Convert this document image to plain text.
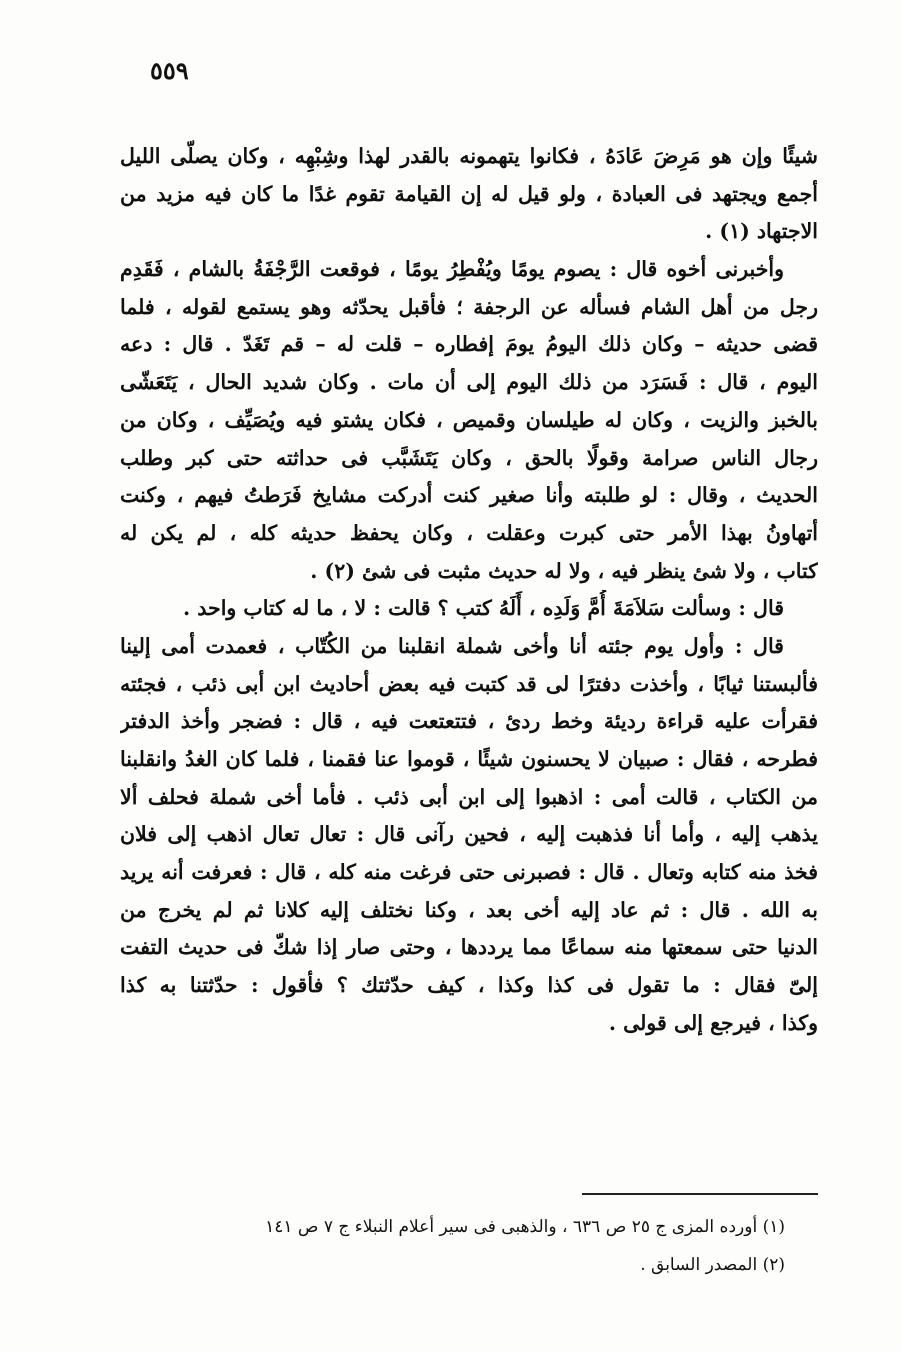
٥٥٩
شيئًا وإن هو مَرِضَ عَادَهُ ، فكانوا يتهمونه بالقدر لهذا وشِبْهِه ، وكان يصلّى الليل
أجمع ويجتهد فى العبادة ، ولو قيل له إن القيامة تقوم غدًا ما كان فيه مزيد من
الاجتهاد (١) .
وأخبرنى أخوه قال : يصوم يومًا ويُفْطِرُ يومًا ، فوقعت الرَّجْفَةُ بالشام ، فَقَدِم
رجل من أهل الشام فسأله عن الرجفة ؛ فأقبل يحدّثه وهو يستمع لقوله ، فلما
قضى حديثه – وكان ذلك اليومُ يومَ إفطاره – قلت له – قم تَغَدّ . قال : دعه
اليوم ، قال : فَسَرَد من ذلك اليوم إلى أن مات . وكان شديد الحال ، يَتَعَشّى
بالخبز والزيت ، وكان له طيلسان وقميص ، فكان يشتو فيه ويُصَيِّف ، وكان من
رجال الناس صرامة وقولًا بالحق ، وكان يَتَشَبَّب فى حداثته حتى كبر وطلب
الحديث ، وقال : لو طلبته وأنا صغير كنت أدركت مشايخ فَرَطتُ فيهم ، وكنت
أتهاونُ بهذا الأمر حتى كبرت وعقلت ، وكان يحفظ حديثه كله ، لم يكن له
كتاب ، ولا شئ ينظر فيه ، ولا له حديث مثبت فى شئ (٢) .
قال : وسألت سَلاَمَةَ أُمَّ وَلَدِه ، أَلَهُ كتب ؟ قالت : لا ، ما له كتاب واحد .
قال : وأول يوم جئته أنا وأخى شملة انقلبنا من الكُتّاب ، فعمدت أمى إلينا
فألبستنا ثيابًا ، وأخذت دفترًا لى قد كتبت فيه بعض أحاديث ابن أبى ذئب ، فجئته
فقرأت عليه قراءة رديئة وخط ردئ ، فتتعتعت فيه ، قال : فضجر وأخذ الدفتر
فطرحه ، فقال : صبيان لا يحسنون شيئًا ، قوموا عنا فقمنا ، فلما كان الغدُ وانقلبنا
من الكتاب ، قالت أمى : اذهبوا إلى ابن أبى ذئب . فأما أخى شملة فحلف ألا
يذهب إليه ، وأما أنا فذهبت إليه ، فحين رآنى قال : تعال تعال اذهب إلى فلان
فخذ منه كتابه وتعال . قال : فصبرنى حتى فرغت منه كله ، قال : فعرفت أنه يريد
به الله . قال : ثم عاد إليه أخى بعد ، وكنا نختلف إليه كلانا ثم لم يخرج من
الدنيا حتى سمعتها منه سماعًا مما يرددها ، وحتى صار إذا شكّ فى حديث التفت
إلىّ فقال : ما تقول فى كذا وكذا ، كيف حدّثتك ؟ فأقول : حدّثتنا به كذا
وكذا ، فيرجع إلى قولى .
(١) أورده المزى ج ٢٥ ص ٦٣٦ ، والذهبى فى سير أعلام النبلاء ج ٧ ص ١٤١
(٢) المصدر السابق .
